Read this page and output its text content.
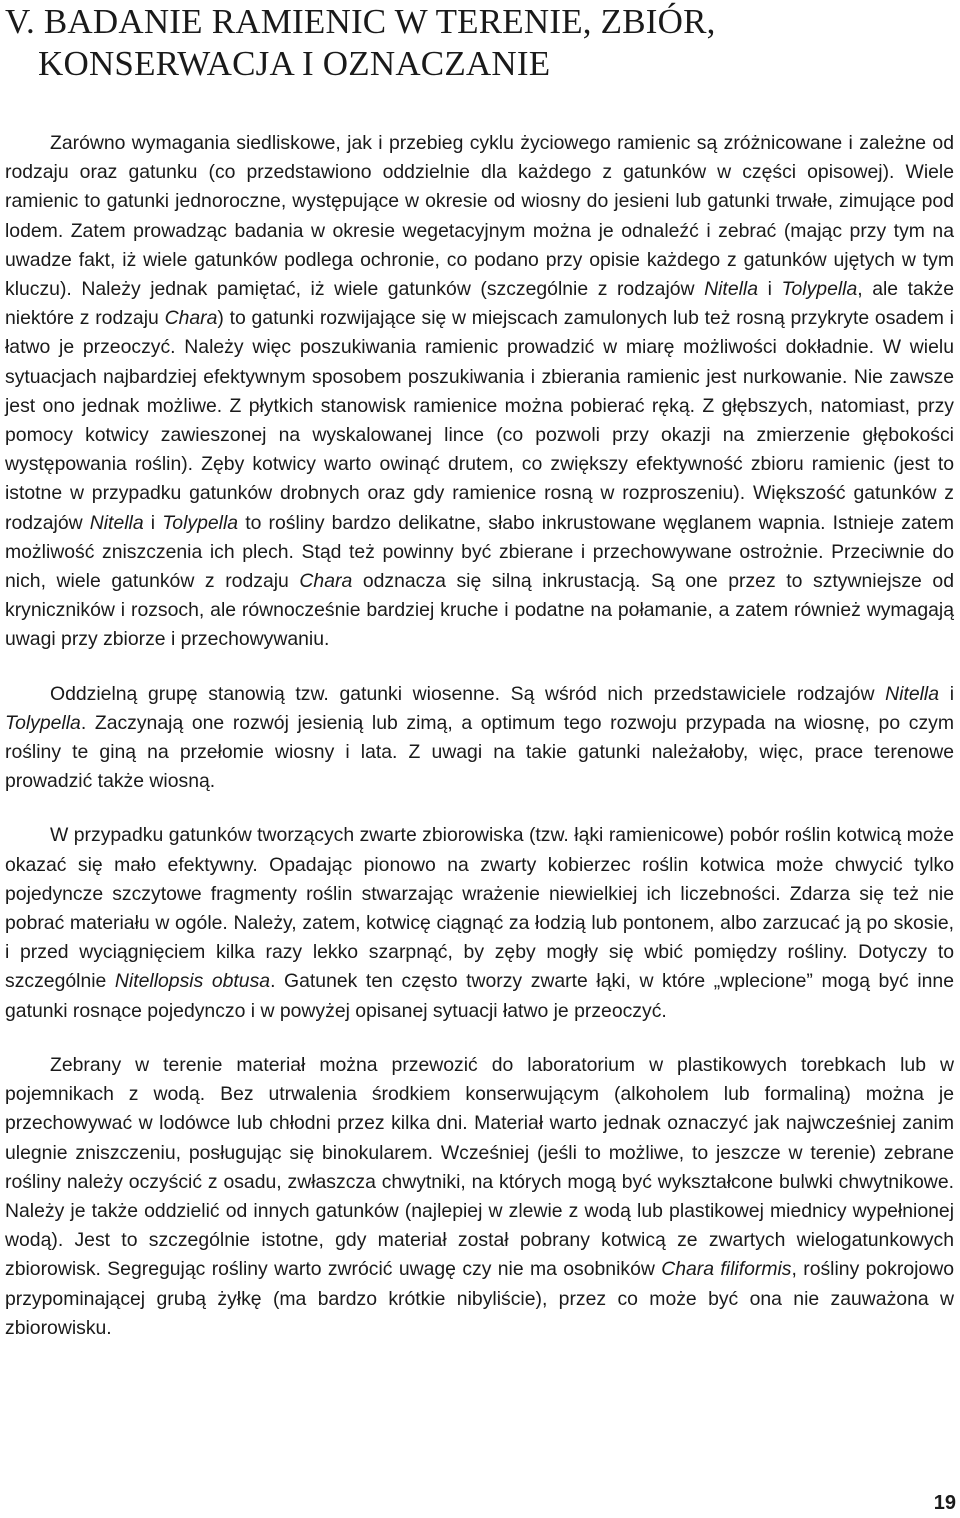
V. BADANIE RAMIENIC W TERENIE, ZBIÓR,
KONSERWACJA I OZNACZANIE

Zarówno wymagania siedliskowe, jak i przebieg cyklu życiowego ramienic są zróżnicowane i zależne od rodzaju oraz gatunku (co przedstawiono oddzielnie dla każdego z gatunków w części opisowej). Wiele ramienic to gatunki jednoroczne, występujące w okresie od wiosny do jesieni lub gatunki trwałe, zimujące pod lodem. Zatem prowadząc badania w okresie wegetacyjnym można je odnaleźć i zebrać (mając przy tym na uwadze fakt, iż wiele gatunków podlega ochronie, co podano przy opisie każdego z gatunków ujętych w tym kluczu). Należy jednak pamiętać, iż wiele gatunków (szczególnie z rodzajów Nitella i Tolypella, ale także niektóre z rodzaju Chara) to gatunki rozwijające się w miejscach zamulonych lub też rosną przykryte osadem i łatwo je przeoczyć. Należy więc poszukiwania ramienic prowadzić w miarę możliwości dokładnie. W wielu sytuacjach najbardziej efektywnym sposobem poszukiwania i zbierania ramienic jest nurkowanie. Nie zawsze jest ono jednak możliwe. Z płytkich stanowisk ramienice można pobierać ręką. Z głębszych, natomiast, przy pomocy kotwicy zawieszonej na wyskalowanej lince (co pozwoli przy okazji na zmierzenie głębokości występowania roślin). Zęby kotwicy warto owinąć drutem, co zwiększy efektywność zbioru ramienic (jest to istotne w przypadku gatunków drobnych oraz gdy ramienice rosną w rozproszeniu). Większość gatunków z rodzajów Nitella i Tolypella to rośliny bardzo delikatne, słabo inkrustowane węglanem wapnia. Istnieje zatem możliwość zniszczenia ich plech. Stąd też powinny być zbierane i przechowywane ostrożnie. Przeciwnie do nich, wiele gatunków z rodzaju Chara odznacza się silną inkrustacją. Są one przez to sztywniejsze od kryniczników i rozsoch, ale równocześnie bardziej kruche i podatne na połamanie, a zatem również wymagają uwagi przy zbiorze i przechowywaniu.

Oddzielną grupę stanowią tzw. gatunki wiosenne. Są wśród nich przedstawiciele rodzajów Nitella i Tolypella. Zaczynają one rozwój jesienią lub zimą, a optimum tego rozwoju przypada na wiosnę, po czym rośliny te giną na przełomie wiosny i lata. Z uwagi na takie gatunki należałoby, więc, prace terenowe prowadzić także wiosną.

W przypadku gatunków tworzących zwarte zbiorowiska (tzw. łąki ramienicowe) pobór roślin kotwicą może okazać się mało efektywny. Opadając pionowo na zwarty kobierzec roślin kotwica może chwycić tylko pojedyncze szczytowe fragmenty roślin stwarzając wrażenie niewielkiej ich liczebności. Zdarza się też nie pobrać materiału w ogóle. Należy, zatem, kotwicę ciągnąć za łodzią lub pontonem, albo zarzucać ją po skosie, i przed wyciągnięciem kilka razy lekko szarpnąć, by zęby mogły się wbić pomiędzy rośliny. Dotyczy to szczególnie Nitellopsis obtusa. Gatunek ten często tworzy zwarte łąki, w które „wplecione” mogą być inne gatunki rosnące pojedynczo i w powyżej opisanej sytuacji łatwo je przeoczyć.

Zebrany w terenie materiał można przewozić do laboratorium w plastikowych torebkach lub w pojemnikach z wodą. Bez utrwalenia środkiem konserwującym (alkoholem lub formaliną) można je przechowywać w lodówce lub chłodni przez kilka dni. Materiał warto jednak oznaczyć jak najwcześniej zanim ulegnie zniszczeniu, posługując się binokularem. Wcześniej (jeśli to możliwe, to jeszcze w terenie) zebrane rośliny należy oczyścić z osadu, zwłaszcza chwytniki, na których mogą być wykształcone bulwki chwytnikowe. Należy je także oddzielić od innych gatunków (najlepiej w zlewie z wodą lub plastikowej miednicy wypełnionej wodą). Jest to szczególnie istotne, gdy materiał został pobrany kotwicą ze zwartych wielogatunkowych zbiorowisk. Segregując rośliny warto zwrócić uwagę czy nie ma osobników Chara filiformis, rośliny pokrojowo przypominającej grubą żyłkę (ma bardzo krótkie nibyliście), przez co może być ona nie zauważona w zbiorowisku.

19
